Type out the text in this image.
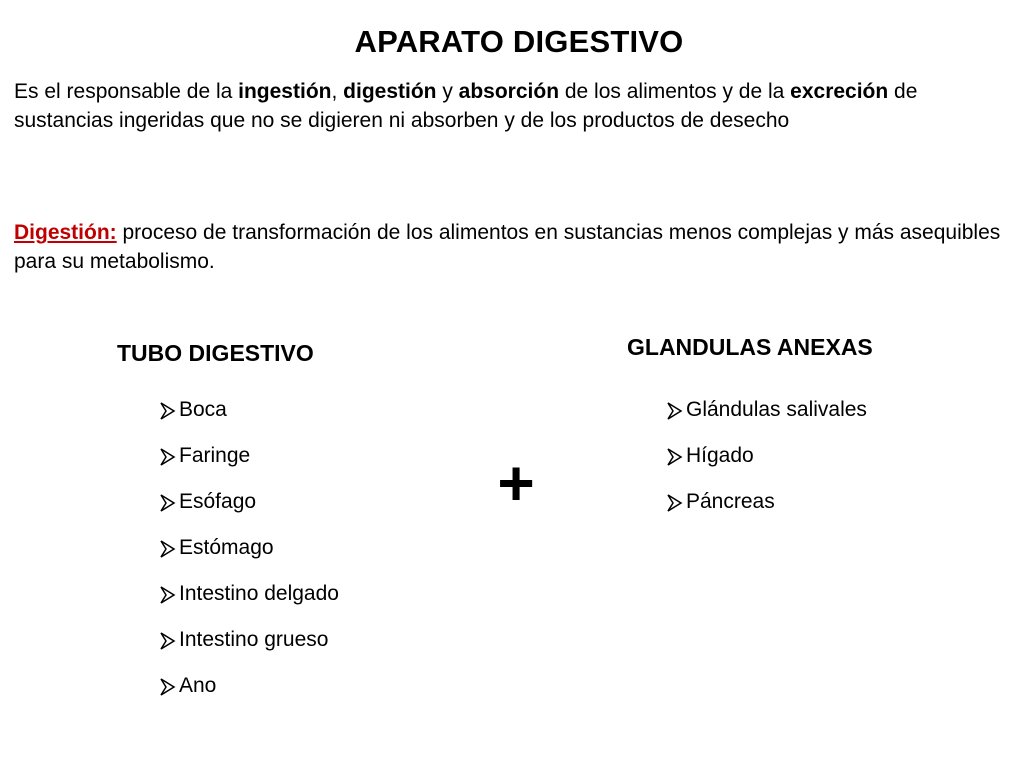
APARATO DIGESTIVO
Es el responsable de la ingestión, digestión y absorción de los alimentos y de la excreción de sustancias ingeridas que no se digieren ni absorben y de los productos de desecho
Digestión: proceso de transformación de los alimentos en sustancias menos complejas y más asequibles para su metabolismo.
TUBO DIGESTIVO	GLANDULAS ANEXAS
Boca
Faringe
Esófago
Estómago
Intestino delgado
Intestino grueso
Ano
Glándulas salivales
Hígado
Páncreas
+
